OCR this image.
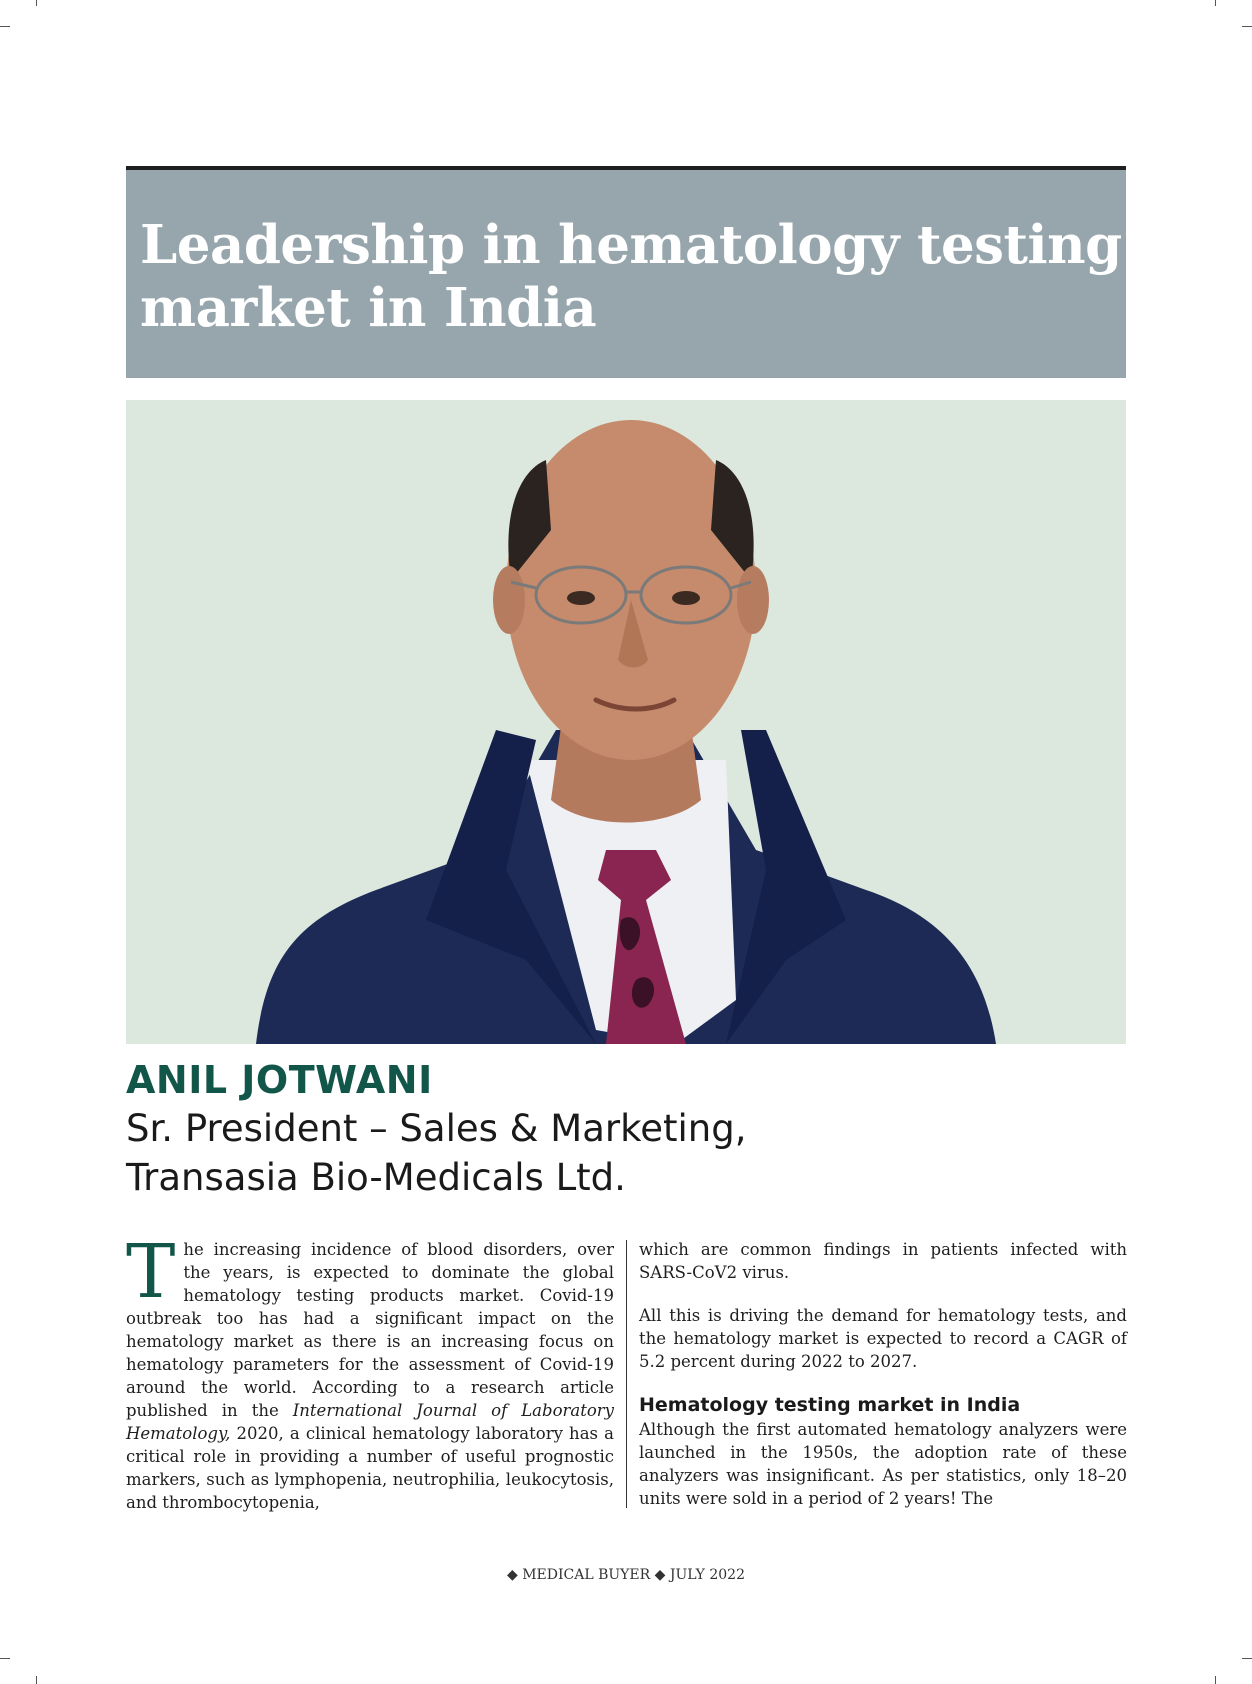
Leadership in hematology testing market in India
ANIL JOTWANI

Sr. President – Sales & Marketing,
Transasia Bio-Medicals Ltd.

The increasing incidence of blood disorders, over the years, is expected to dominate the global hematology testing products market. Covid-19 outbreak too has had a significant impact on the hematology market as there is an increasing focus on hematology parameters for the assessment of Covid-19 around the world. According to a research article published in the International Journal of Laboratory Hematology, 2020, a clinical hematology laboratory has a critical role in providing a number of useful prognostic markers, such as lymphopenia, neutrophilia, leukocytosis, and thrombocytopenia,

which are common findings in patients infected with SARS-CoV2 virus.

All this is driving the demand for hematology tests, and the hematology market is expected to record a CAGR of 5.2 percent during 2022 to 2027.

Hematology testing market in India

Although the first automated hematology analyzers were launched in the 1950s, the adoption rate of these analyzers was insignificant. As per statistics, only 18–20 units were sold in a period of 2 years! The

◆ MEDICAL BUYER ◆ JULY 2022
